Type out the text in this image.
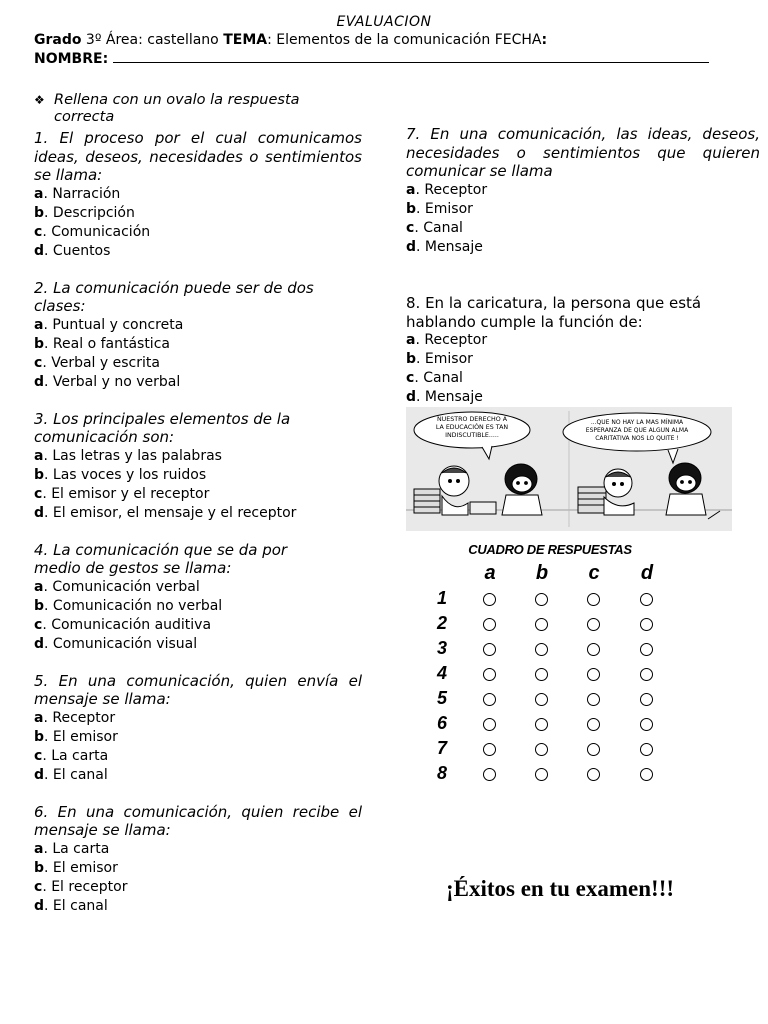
EVALUACION
Grado 3º Área: castellano TEMA: Elementos de la comunicación FECHA:
NOMBRE:
❖ Rellena con un ovalo la respuesta correcta
1. El proceso por el cual comunicamos ideas, deseos, necesidades o sentimientos se llama:
a. Narración
b. Descripción
c. Comunicación
d. Cuentos
2. La comunicación puede ser de dos clases:
a. Puntual y concreta
b. Real o fantástica
c. Verbal y escrita
d. Verbal y no verbal
3. Los principales elementos de la comunicación son:
a. Las letras y las palabras
b. Las voces y los ruidos
c. El emisor y el receptor
d. El emisor, el mensaje y el receptor
4. La comunicación que se da por medio de gestos se llama:
a. Comunicación verbal
b. Comunicación no verbal
c. Comunicación auditiva
d. Comunicación visual
5. En una comunicación, quien envía el mensaje se llama:
a. Receptor
b. El emisor
c. La carta
d. El canal
6. En una comunicación, quien recibe el mensaje se llama:
a. La carta
b. El emisor
c. El receptor
d. El canal
7. En una comunicación, las ideas, deseos, necesidades o sentimientos que quieren comunicar se llama
a. Receptor
b. Emisor
c. Canal
d. Mensaje
8. En la caricatura, la persona que está hablando cumple la función de:
a. Receptor
b. Emisor
c. Canal
d. Mensaje
NUESTRO DERECHO A
LA EDUCACIÓN ES TAN
INDISCUTIBLE.....
...QUE NO HAY LA MAS MÍNIMA
ESPERANZA DE QUE ALGUN ALMA
CARITATIVA NOS LO QUITE !
CUADRO DE RESPUESTAS
a b c d
1
2
3
4
5
6
7
8
¡Éxitos en tu examen!!!
